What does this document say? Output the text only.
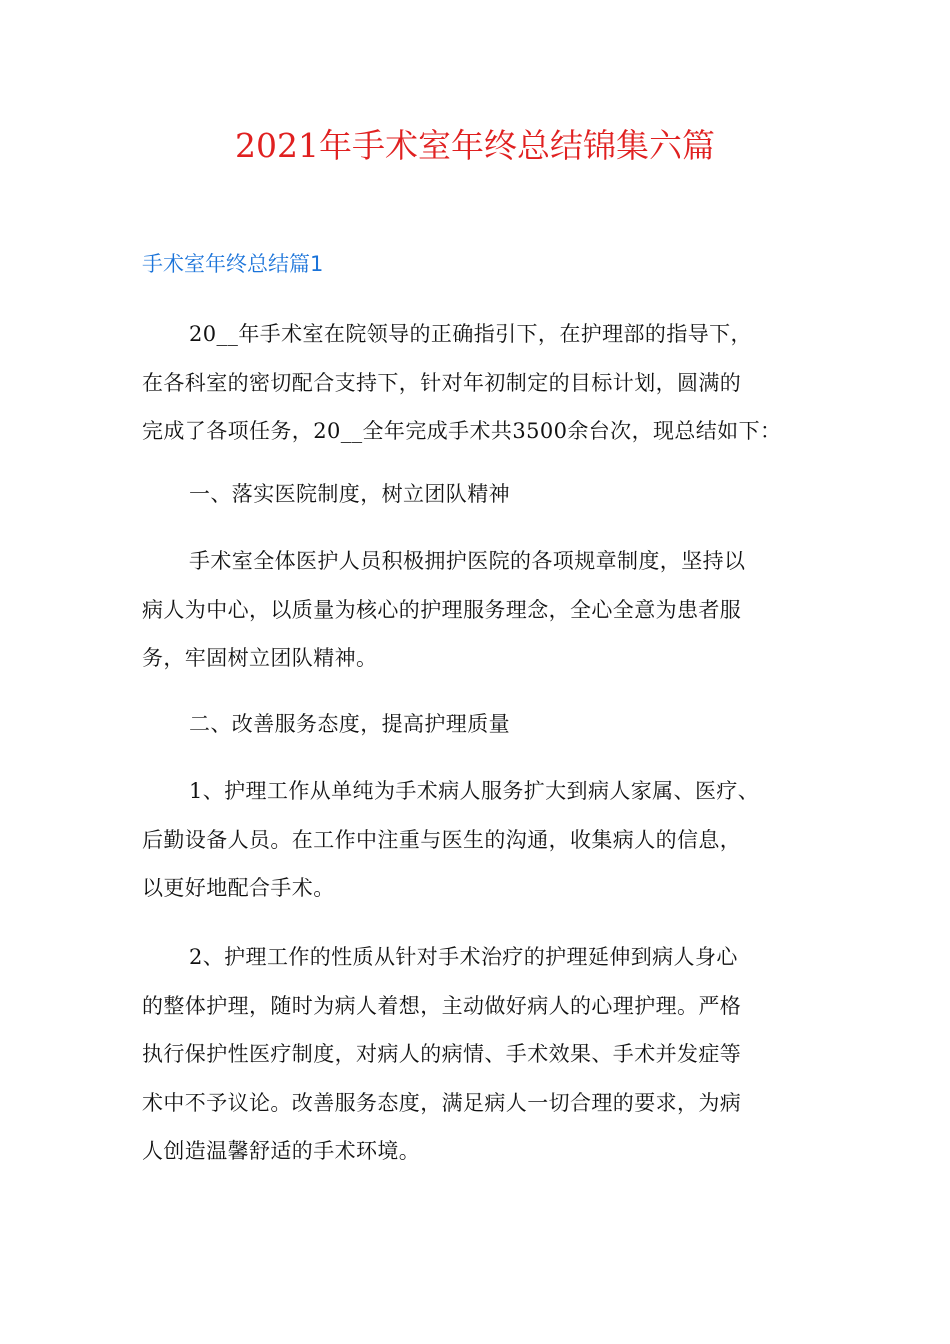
2021年手术室年终总结锦集六篇
手术室年终总结篇1

20__年手术室在院领导的正确指引下，在护理部的指导下，
在各科室的密切配合支持下，针对年初制定的目标计划，圆满的
完成了各项任务，20__全年完成手术共3500余台次，现总结如下：

一、落实医院制度，树立团队精神

手术室全体医护人员积极拥护医院的各项规章制度，坚持以
病人为中心，以质量为核心的护理服务理念，全心全意为患者服
务，牢固树立团队精神。

二、改善服务态度，提高护理质量

1、护理工作从单纯为手术病人服务扩大到病人家属、医疗、
后勤设备人员。在工作中注重与医生的沟通，收集病人的信息，
以更好地配合手术。

2、护理工作的性质从针对手术治疗的护理延伸到病人身心
的整体护理，随时为病人着想，主动做好病人的心理护理。严格
执行保护性医疗制度，对病人的病情、手术效果、手术并发症等
术中不予议论。改善服务态度，满足病人一切合理的要求，为病
人创造温馨舒适的手术环境。
